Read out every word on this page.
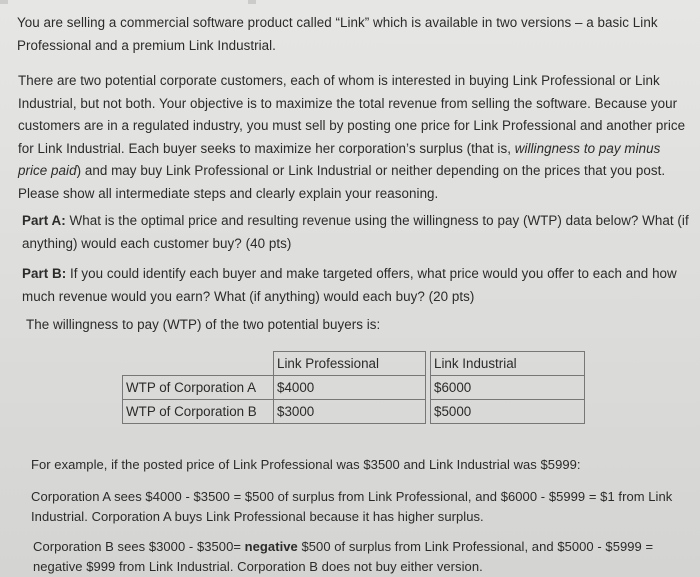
You are selling a commercial software product called “Link” which is available in two versions – a basic Link
Professional and a premium Link Industrial.

There are two potential corporate customers, each of whom is interested in buying Link Professional or Link Industrial, but not both. Your objective is to maximize the total revenue from selling the software. Because your customers are in a regulated industry, you must sell by posting one price for Link Professional and another price for Link Industrial. Each buyer seeks to maximize her corporation’s surplus (that is, willingness to pay minus price paid) and may buy Link Professional or Link Industrial or neither depending on the prices that you post. Please show all intermediate steps and clearly explain your reasoning.

Part A: What is the optimal price and resulting revenue using the willingness to pay (WTP) data below? What (if anything) would each customer buy? (40 pts)

Part B: If you could identify each buyer and make targeted offers, what price would you offer to each and how much revenue would you earn? What (if anything) would each buy? (20 pts)

The willingness to pay (WTP) of the two potential buyers is:

	Link Professional		Link Industrial
WTP of Corporation A	$4000		$6000
WTP of Corporation B	$3000		$5000

For example, if the posted price of Link Professional was $3500 and Link Industrial was $5999:

Corporation A sees $4000 - $3500 = $500 of surplus from Link Professional, and $6000 - $5999 = $1 from Link Industrial. Corporation A buys Link Professional because it has higher surplus.

Corporation B sees $3000 - $3500= negative $500 of surplus from Link Professional, and $5000 - $5999 = negative $999 from Link Industrial. Corporation B does not buy either version.
